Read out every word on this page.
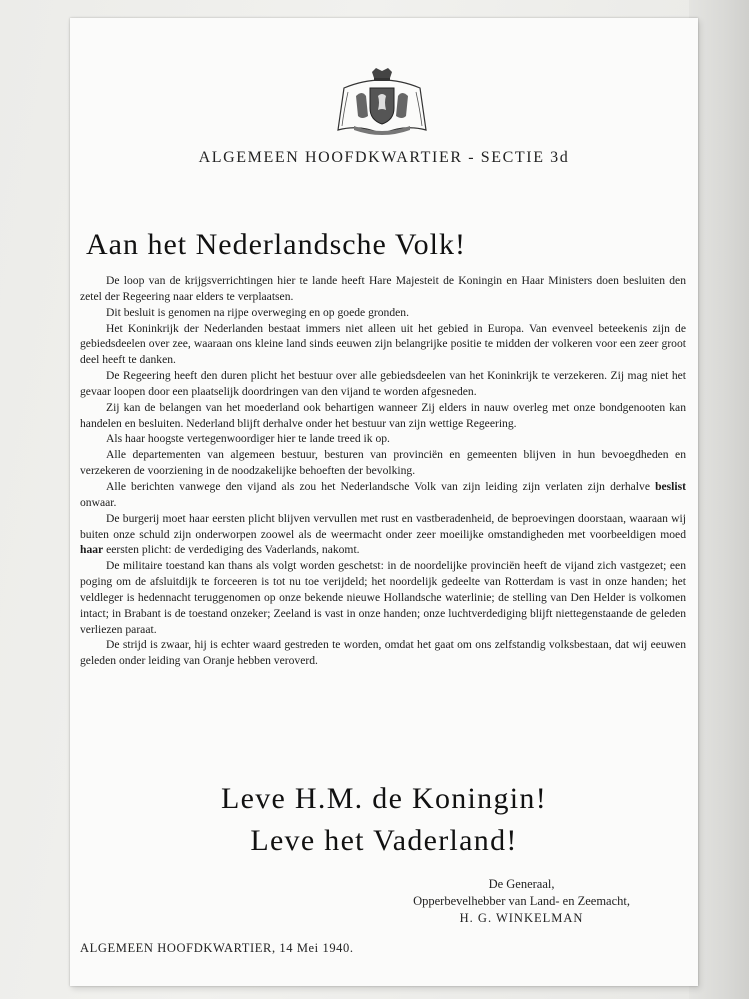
ALGEMEEN HOOFDKWARTIER - SECTIE 3d
Aan het Nederlandsche Volk!

De loop van de krijgsverrichtingen hier te lande heeft Hare Majesteit de Koningin en Haar Ministers doen besluiten den zetel der Regeering naar elders te verplaatsen.

Dit besluit is genomen na rijpe overweging en op goede gronden.

Het Koninkrijk der Nederlanden bestaat immers niet alleen uit het gebied in Europa. Van evenveel beteekenis zijn de gebiedsdeelen over zee, waaraan ons kleine land sinds eeuwen zijn belangrijke positie te midden der volkeren voor een zeer groot deel heeft te danken.

De Regeering heeft den duren plicht het bestuur over alle gebiedsdeelen van het Koninkrijk te verzekeren. Zij mag niet het gevaar loopen door een plaatselijk doordringen van den vijand te worden afgesneden.

Zij kan de belangen van het moederland ook behartigen wanneer Zij elders in nauw overleg met onze bondgenooten kan handelen en besluiten. Nederland blijft derhalve onder het bestuur van zijn wettige Regeering.

Als haar hoogste vertegenwoordiger hier te lande treed ik op.

Alle departementen van algemeen bestuur, besturen van provinciën en gemeenten blijven in hun bevoegdheden en verzekeren de voorziening in de noodzakelijke behoeften der bevolking.

Alle berichten vanwege den vijand als zou het Nederlandsche Volk van zijn leiding zijn verlaten zijn derhalve beslist onwaar.

De burgerij moet haar eersten plicht blijven vervullen met rust en vastberadenheid, de beproevingen doorstaan, waaraan wij buiten onze schuld zijn onderworpen zoowel als de weermacht onder zeer moeilijke omstandigheden met voorbeeldigen moed haar eersten plicht: de verdediging des Vaderlands, nakomt.

De militaire toestand kan thans als volgt worden geschetst: in de noordelijke provinciën heeft de vijand zich vastgezet; een poging om de afsluitdijk te forceeren is tot nu toe verijdeld; het noordelijk gedeelte van Rotterdam is vast in onze handen; het veldleger is hedennacht teruggenomen op onze bekende nieuwe Hollandsche waterlinie; de stelling van Den Helder is volkomen intact; in Brabant is de toestand onzeker; Zeeland is vast in onze handen; onze luchtverdediging blijft niettegenstaande de geleden verliezen paraat.

De strijd is zwaar, hij is echter waard gestreden te worden, omdat het gaat om ons zelfstandig volksbestaan, dat wij eeuwen geleden onder leiding van Oranje hebben veroverd.

Leve H.M. de Koningin!
Leve het Vaderland!
De Generaal,
Opperbevelhebber van Land- en Zeemacht,
H. G. WINKELMAN
ALGEMEEN HOOFDKWARTIER, 14 Mei 1940.
